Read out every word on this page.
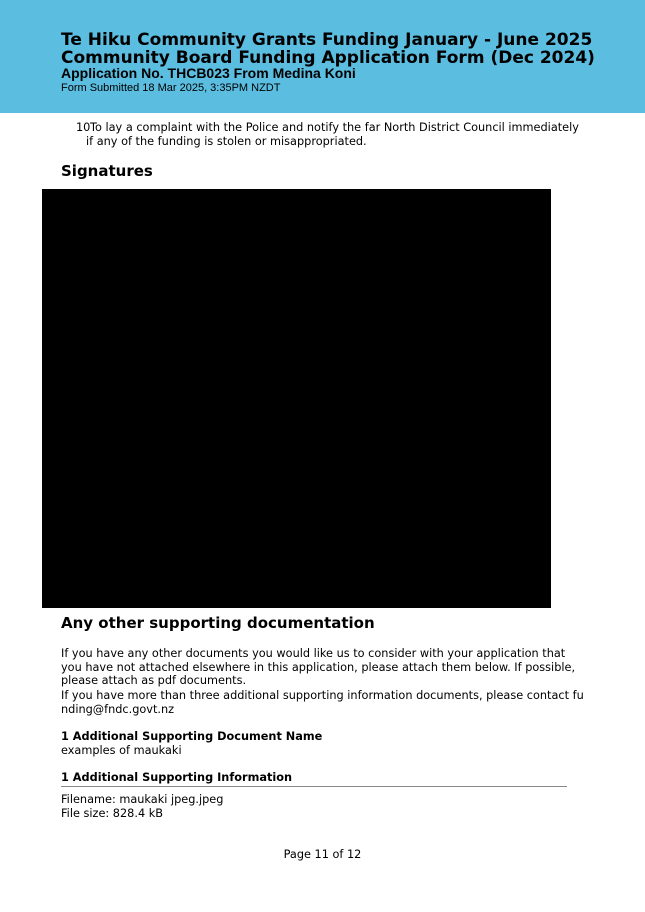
Te Hiku Community Grants Funding January - June 2025
Community Board Funding Application Form (Dec 2024)
Application No. THCB023 From Medina Koni
Form Submitted 18 Mar 2025, 3:35PM NZDT
10 To lay a complaint with the Police and notify the far North District Council immediately
if any of the funding is stolen or misappropriated.
Signatures
Any other supporting documentation
If you have any other documents you would like us to consider with your application that
you have not attached elsewhere in this application, please attach them below. If possible,
please attach as pdf documents.
If you have more than three additional supporting information documents, please contact fu
nding@fndc.govt.nz
1 Additional Supporting Document Name
examples of maukaki
1 Additional Supporting Information
Filename: maukaki jpeg.jpeg
File size: 828.4 kB
Page 11 of 12
